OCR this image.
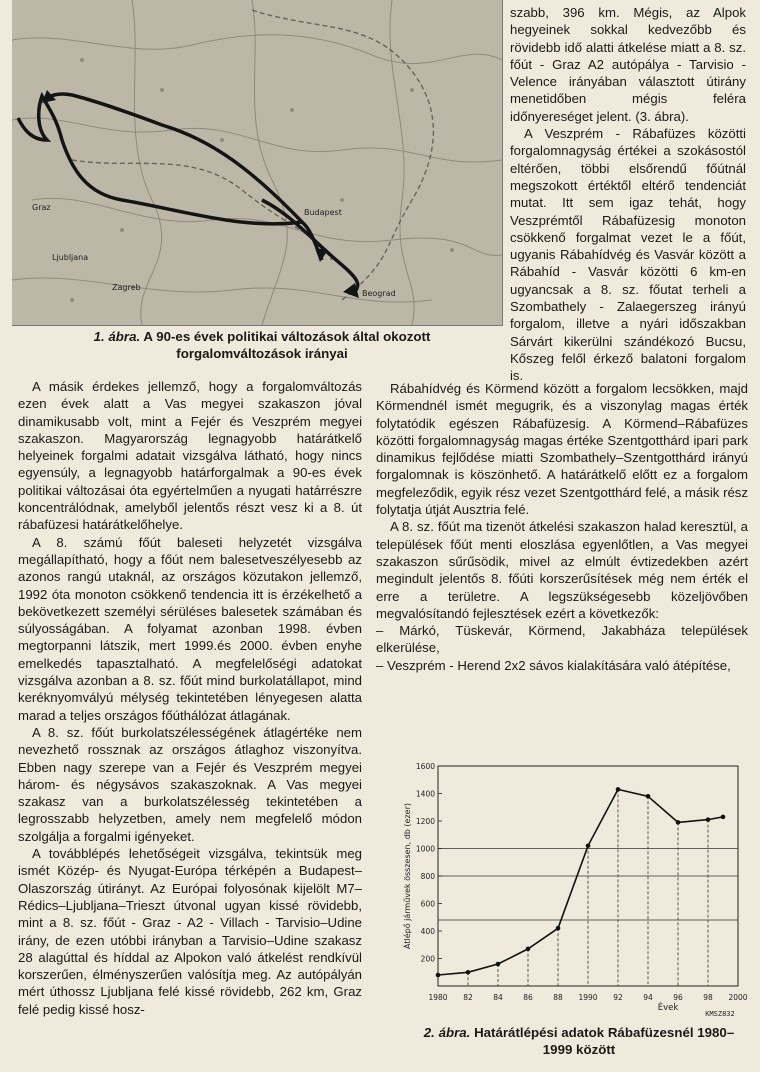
Graz
Budapest
Beograd
Zagreb
Ljubljana
1. ábra. A 90-es évek politikai változások által okozott forgalomváltozások irányai

szabb, 396 km. Mégis, az Alpok hegyeinek sokkal kedvezőbb és rövidebb idő alatti átkelése miatt a 8. sz. főút - Graz A2 autópálya - Tarvisio - Velence irányában választott útirány menetidőben mégis feléra időnyereséget jelent. (3. ábra).

A Veszprém - Rábafüzes közötti forgalomnagyság értékei a szokásostól eltérően, többi elsőrendű főútnál megszokott értéktől eltérő tendenciát mutat. Itt sem igaz tehát, hogy Veszprémtől Rábafüzesig monoton csökkenő forgalmat vezet le a főút, ugyanis Rábahídvég és Vasvár között a Rábahíd - Vasvár közötti 6 km-en ugyancsak a 8. sz. főutat terheli a Szombathely - Zalaegerszeg irányú forgalom, illetve a nyári időszakban Sárvárt kikerülni szándékozó Bucsu, Kőszeg felől érkező balatoni forgalom is.

A másik érdekes jellemző, hogy a forgalomváltozás ezen évek alatt a Vas megyei szakaszon jóval dinamikusabb volt, mint a Fejér és Veszprém megyei szakaszon. Magyarország legnagyobb határátkelő helyeinek forgalmi adatait vizsgálva látható, hogy nincs egyensúly, a legnagyobb határforgalmak a 90-es évek politikai változásai óta egyértelműen a nyugati határrészre koncentrálódnak, amelyből jelentős részt vesz ki a 8. út rábafüzesi határátkelőhelye.

A 8. számú főút baleseti helyzetét vizsgálva megállapítható, hogy a főút nem balesetveszélyesebb az azonos rangú utaknál, az országos közutakon jellemző, 1992 óta monoton csökkenő tendencia itt is érzékelhető a bekövetkezett személyi sérüléses balesetek számában és súlyosságában. A folyamat azonban 1998. évben megtorpanni látszik, mert 1999.és 2000. évben enyhe emelkedés tapasztalható. A megfelelőségi adatokat vizsgálva azonban a 8. sz. főút mind burkolatállapot, mind keréknyomvályú mélység tekintetében lényegesen alatta marad a teljes országos főúthálózat átlagának.

A 8. sz. főút burkolatszélességének átlagértéke nem nevezhető rossznak az országos átlaghoz viszonyítva. Ebben nagy szerepe van a Fejér és Veszprém megyei három- és négysávos szakaszoknak. A Vas megyei szakasz van a burkolatszélesség tekintetében a legrosszabb helyzetben, amely nem megfelelő módon szolgálja a forgalmi igényeket.

A továbblépés lehetőségeit vizsgálva, tekintsük meg ismét Közép- és Nyugat-Európa térképén a Budapest–Olaszország útirányt. Az Európai folyosónak kijelölt M7–Rédics–Ljubljana–Trieszt útvonal ugyan kissé rövidebb, mint a 8. sz. főút - Graz - A2 - Villach - Tarvisio–Udine irány, de ezen utóbbi irányban a Tarvisio–Udine szakasz 28 alagúttal és híddal az Alpokon való átkelést rendkívül korszerűen, élményszerűen valósítja meg. Az autópályán mért úthossz Ljubljana felé kissé rövidebb, 262 km, Graz felé pedig kissé hosz-

Rábahídvég és Körmend között a forgalom lecsökken, majd Körmendnél ismét megugrik, és a viszonylag magas érték folytatódik egészen Rábafüzesig. A Körmend–Rábafüzes közötti forgalomnagyság magas értéke Szentgotthárd ipari park dinamikus fejlődése miatti Szombathely–Szentgotthárd irányú forgalomnak is köszönhető. A határátkelő előtt ez a forgalom megfeleződik, egyik rész vezet Szentgotthárd felé, a másik rész folytatja útját Ausztria felé.

A 8. sz. főút ma tizenöt átkelési szakaszon halad keresztül, a települések főút menti eloszlása egyenlőtlen, a Vas megyei szakaszon sűrűsödik, mivel az elmúlt évtizedekben azért megindult jelentős 8. főúti korszerűsítések még nem érték el erre a területre. A legszükségesebb közeljövőben megvalósítandó fejlesztések ezért a következők:

– Márkó, Tüskevár, Körmend, Jakabháza települések elkerülése,

– Veszprém - Herend 2x2 sávos kialakítására való átépítése,

200
400
600
800
1000
1200
1400
1600
1980 82	84	86	88 1990 92	94	96	98 2000
Átlépő járművek összesen, db (ezer)
Évek
KMSZ832
2. ábra. Határátlépési adatok Rábafüzesnél 1980–1999 között
